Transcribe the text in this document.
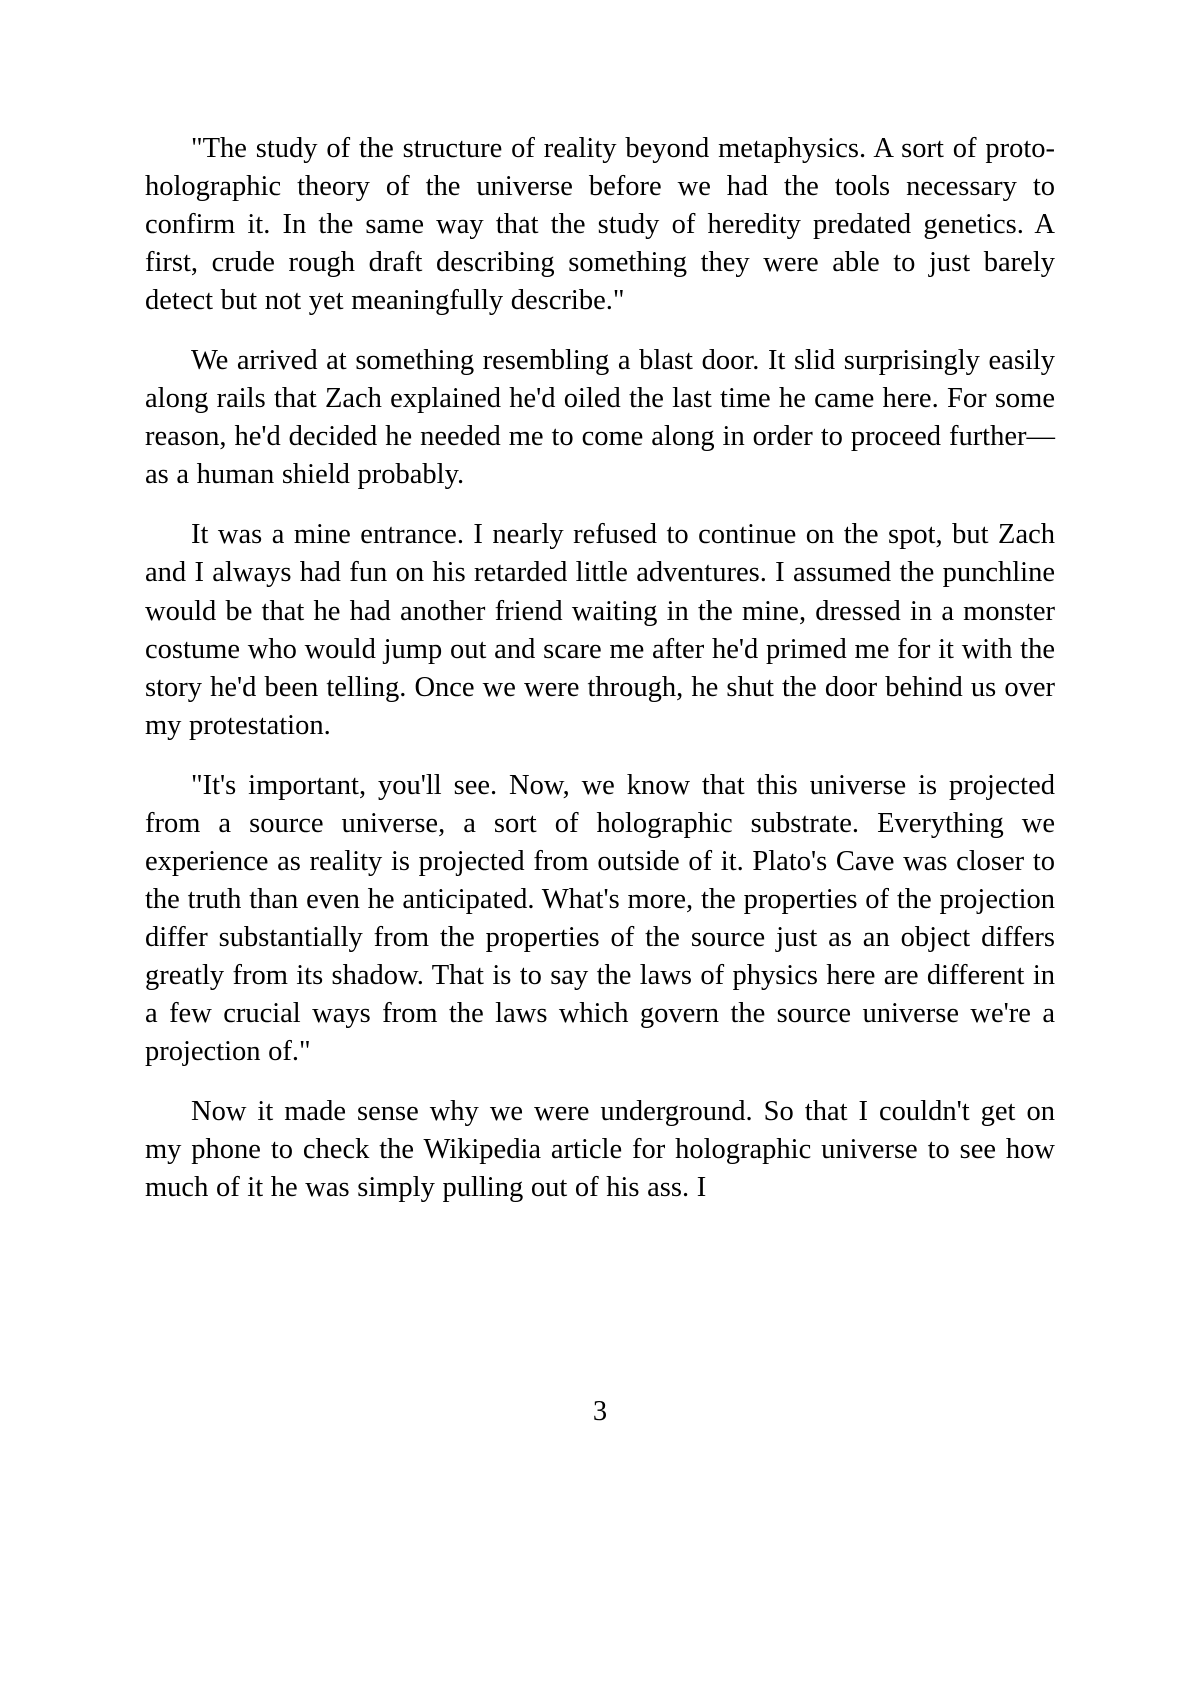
"The study of the structure of reality beyond metaphysics. A sort of proto-holographic theory of the universe before we had the tools necessary to confirm it. In the same way that the study of heredity predated genetics. A first, crude rough draft describing something they were able to just barely detect but not yet meaningfully describe."

We arrived at something resembling a blast door. It slid surprisingly easily along rails that Zach explained he'd oiled the last time he came here. For some reason, he'd decided he needed me to come along in order to proceed further—as a human shield probably.

It was a mine entrance. I nearly refused to continue on the spot, but Zach and I always had fun on his retarded little adventures. I assumed the punchline would be that he had another friend waiting in the mine, dressed in a monster costume who would jump out and scare me after he'd primed me for it with the story he'd been telling. Once we were through, he shut the door behind us over my protestation.

"It's important, you'll see. Now, we know that this universe is projected from a source universe, a sort of holographic substrate. Everything we experience as reality is projected from outside of it. Plato's Cave was closer to the truth than even he anticipated. What's more, the properties of the projection differ substantially from the properties of the source just as an object differs greatly from its shadow. That is to say the laws of physics here are different in a few crucial ways from the laws which govern the source universe we're a projection of."

Now it made sense why we were underground. So that I couldn't get on my phone to check the Wikipedia article for holographic universe to see how much of it he was simply pulling out of his ass. I

3
